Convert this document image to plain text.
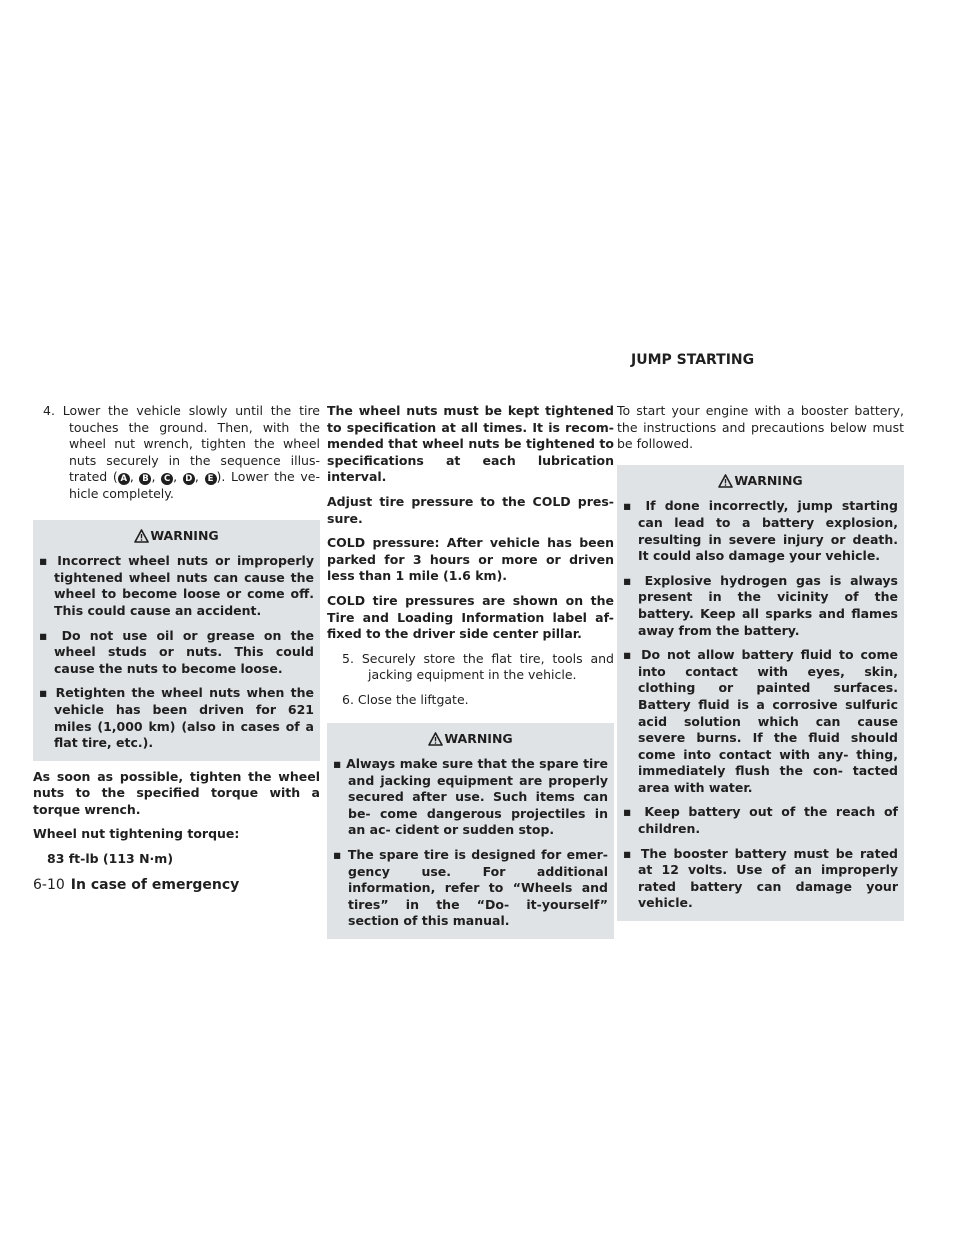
JUMP STARTING

4. Lower the vehicle slowly until the tire touches the ground. Then, with the wheel nut wrench, tighten the wheel nuts securely in the sequence illus- trated ( A , B , C , D , E ). Lower the ve- hicle completely.

WARNING

▪ Incorrect wheel nuts or improperly tightened wheel nuts can cause the wheel to become loose or come off. This could cause an accident.

▪ Do not use oil or grease on the wheel studs or nuts. This could cause the nuts to become loose.

▪ Retighten the wheel nuts when the vehicle has been driven for 621 miles (1,000 km) (also in cases of a flat tire, etc.).

As soon as possible, tighten the wheel nuts to the specified torque with a torque wrench.

Wheel nut tightening torque:

83 ft-lb (113 N·m)

The wheel nuts must be kept tightened to specification at all times. It is recom- mended that wheel nuts be tightened to specifications at each lubrication interval.

Adjust tire pressure to the COLD pres- sure.

COLD pressure: After vehicle has been parked for 3 hours or more or driven less than 1 mile (1.6 km).

COLD tire pressures are shown on the Tire and Loading Information label af- fixed to the driver side center pillar.

5. Securely store the flat tire, tools and jacking equipment in the vehicle.

6. Close the liftgate.

WARNING

▪ Always make sure that the spare tire and jacking equipment are properly secured after use. Such items can be- come dangerous projectiles in an ac- cident or sudden stop.

▪ The spare tire is designed for emer- gency use. For additional information, refer to “Wheels and tires” in the “Do- it-yourself” section of this manual.

To start your engine with a booster battery, the instructions and precautions below must be followed.

WARNING

▪ If done incorrectly, jump starting can lead to a battery explosion, resulting in severe injury or death. It could also damage your vehicle.

▪ Explosive hydrogen gas is always present in the vicinity of the battery. Keep all sparks and flames away from the battery.

▪ Do not allow battery fluid to come into contact with eyes, skin, clothing or painted surfaces. Battery fluid is a corrosive sulfuric acid solution which can cause severe burns. If the fluid should come into contact with any- thing, immediately flush the con- tacted area with water.

▪ Keep battery out of the reach of children.

▪ The booster battery must be rated at 12 volts. Use of an improperly rated battery can damage your vehicle.

6-10 In case of emergency
